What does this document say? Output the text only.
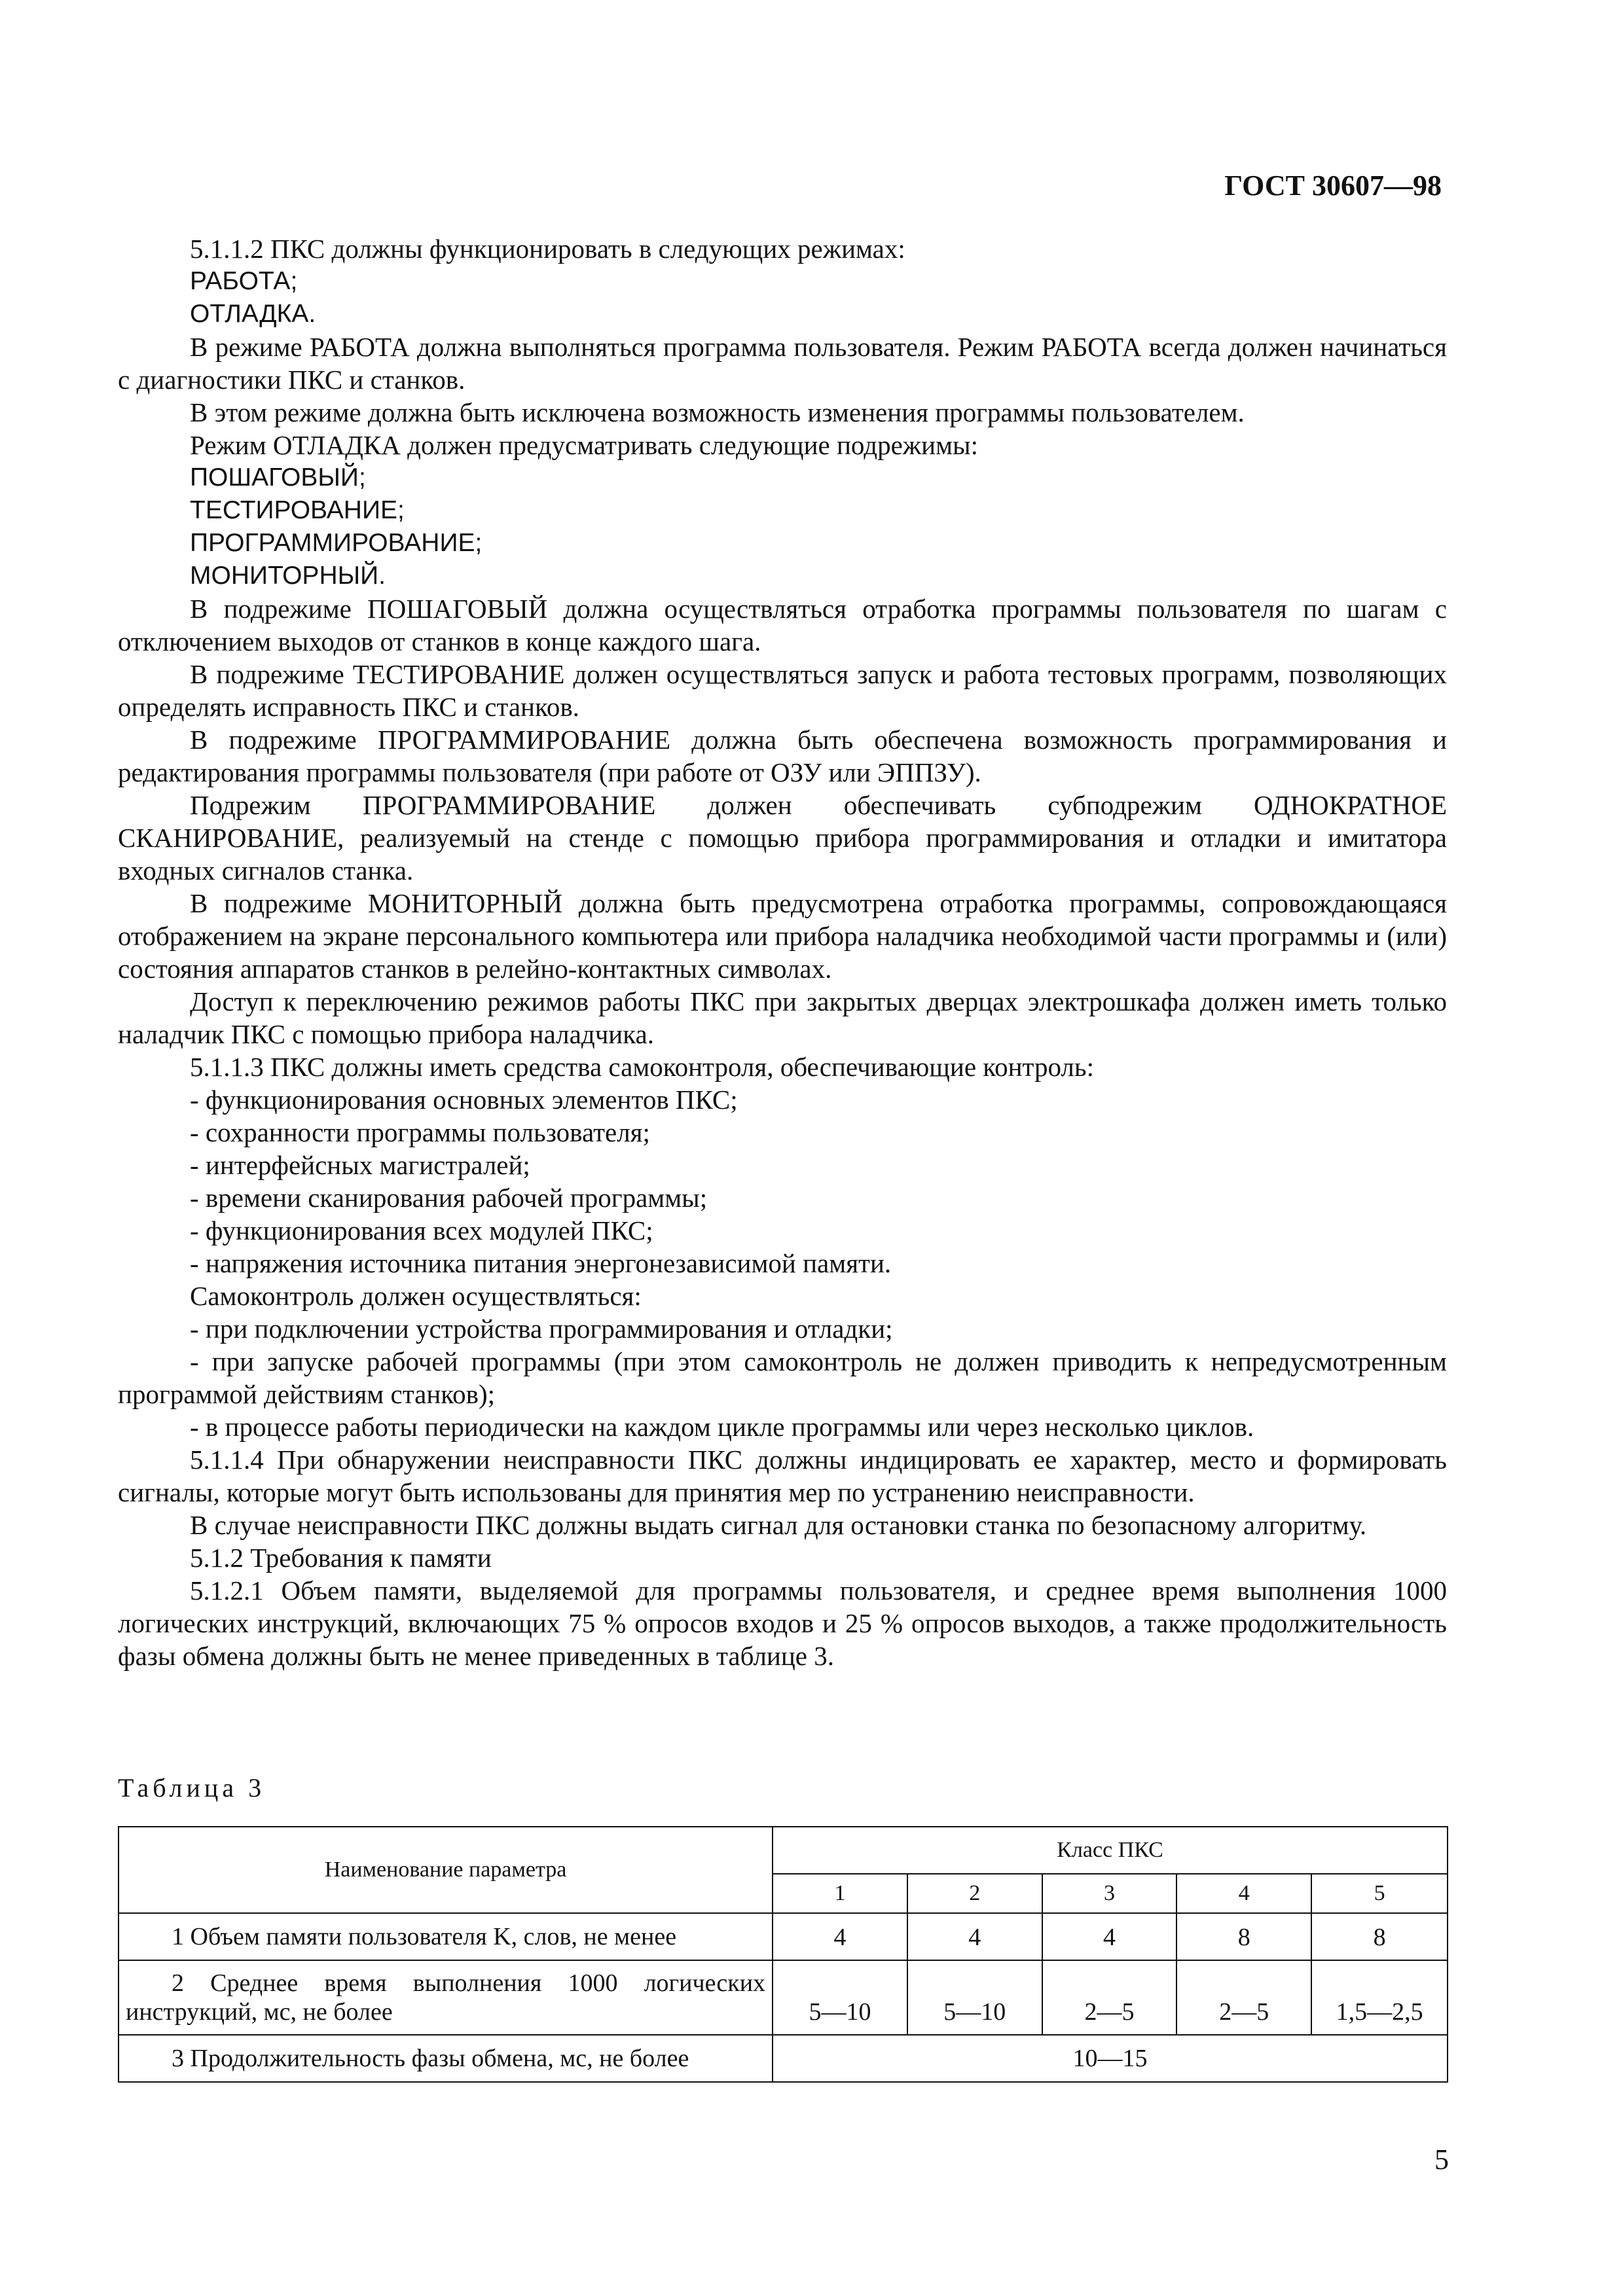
ГОСТ 30607—98

5.1.1.2 ПКС должны функционировать в следующих режимах:

РАБОТА;

ОТЛАДКА.

В режиме РАБОТА должна выполняться программа пользователя. Режим РАБОТА всегда должен начинаться с диагностики ПКС и станков.

В этом режиме должна быть исключена возможность изменения программы пользователем.

Режим ОТЛАДКА должен предусматривать следующие подрежимы:

ПОШАГОВЫЙ;

ТЕСТИРОВАНИЕ;

ПРОГРАММИРОВАНИЕ;

МОНИТОРНЫЙ.

В подрежиме ПОШАГОВЫЙ должна осуществляться отработка программы пользователя по шагам с отключением выходов от станков в конце каждого шага.

В подрежиме ТЕСТИРОВАНИЕ должен осуществляться запуск и работа тестовых программ, позволяющих определять исправность ПКС и станков.

В подрежиме ПРОГРАММИРОВАНИЕ должна быть обеспечена возможность программирования и редактирования программы пользователя (при работе от ОЗУ или ЭППЗУ).

Подрежим ПРОГРАММИРОВАНИЕ должен обеспечивать субподрежим ОДНОКРАТНОЕ СКАНИРОВАНИЕ, реализуемый на стенде с помощью прибора программирования и отладки и имитатора входных сигналов станка.

В подрежиме МОНИТОРНЫЙ должна быть предусмотрена отработка программы, сопровождающаяся отображением на экране персонального компьютера или прибора наладчика необходимой части программы и (или) состояния аппаратов станков в релейно-контактных символах.

Доступ к переключению режимов работы ПКС при закрытых дверцах электрошкафа должен иметь только наладчик ПКС с помощью прибора наладчика.

5.1.1.3 ПКС должны иметь средства самоконтроля, обеспечивающие контроль:

- функционирования основных элементов ПКС;

- сохранности программы пользователя;

- интерфейсных магистралей;

- времени сканирования рабочей программы;

- функционирования всех модулей ПКС;

- напряжения источника питания энергонезависимой памяти.

Самоконтроль должен осуществляться:

- при подключении устройства программирования и отладки;

- при запуске рабочей программы (при этом самоконтроль не должен приводить к непредусмотренным программой действиям станков);

- в процессе работы периодически на каждом цикле программы или через несколько циклов.

5.1.1.4 При обнаружении неисправности ПКС должны индицировать ее характер, место и формировать сигналы, которые могут быть использованы для принятия мер по устранению неисправности.

В случае неисправности ПКС должны выдать сигнал для остановки станка по безопасному алгоритму.

5.1.2 Требования к памяти

5.1.2.1 Объем памяти, выделяемой для программы пользователя, и среднее время выполнения 1000 логических инструкций, включающих 75 % опросов входов и 25 % опросов выходов, а также продолжительность фазы обмена должны быть не менее приведенных в таблице 3.

Таблица 3
Наименование параметра	Класс ПКС				
	1	2	3	4	5
1 Объем памяти пользователя K, слов, не менее	4	4	4	8	8
2 Среднее время выполнения 1000 логических инструкций, мс, не более	5—10	5—10	2—5	2—5	1,5—2,5
3 Продолжительность фазы обмена, мс, не более	10—15				
5
